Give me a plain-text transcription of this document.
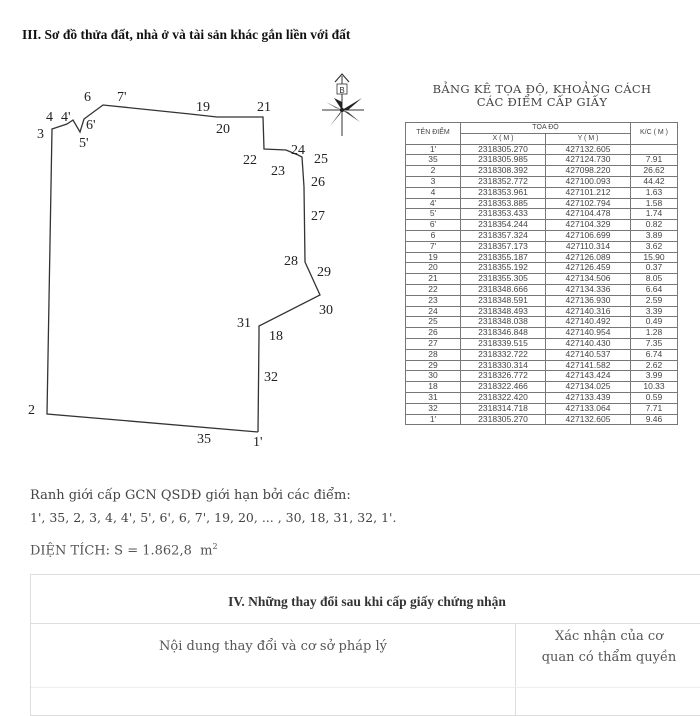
III. Sơ đồ thửa đất, nhà ở và tài sản khác gắn liền với đất
1'
35
2
3
4 4'
5'
6'
6 7'
19
20
21
22
23
24
25
26
27
28
29
30
31
18
32
B	BẢNG KÊ TỌA ĐỘ, KHOẢNG CÁCH
CÁC ĐIỂM CẤP GIẤY
TÊN ĐIỂM	TỌA ĐỘ		K/C ( M )
	X ( M )	Y ( M )	
1'	2318305.270	427132.605	
35	2318305.985	427124.730	7.91
2	2318308.392	427098.220	26.62
3	2318352.772	427100.093	44.42
4	2318353.961	427101.212	1.63
4'	2318353.885	427102.794	1.58
5'	2318353.433	427104.478	1.74
6'	2318354.244	427104.329	0.82
6	2318357.324	427106.699	3.89
7'	2318357.173	427110.314	3.62
19	2318355.187	427126.089	15.90
20	2318355.192	427126.459	0.37
21	2318355.305	427134.506	8.05
22	2318348.666	427134.336	6.64
23	2318348.591	427136.930	2.59
24	2318348.493	427140.316	3.39
25	2318348.038	427140.492	0.49
26	2318346.848	427140.954	1.28
27	2318339.515	427140.430	7.35
28	2318332.722	427140.537	6.74
29	2318330.314	427141.582	2.62
30	2318326.772	427143.424	3.99
18	2318322.466	427134.025	10.33
31	2318322.420	427133.439	0.59
32	2318314.718	427133.064	7.71
1'	2318305.270	427132.605	9.46
Ranh giới cấp GCN QSDĐ giới hạn bởi các điểm:
1', 35, 2, 3, 4, 4', 5', 6', 6, 7', 19, 20, ... , 30, 18, 31, 32, 1'.
DIỆN TÍCH: S = 1.862,8 $m^2$
IV. Những thay đổi sau khi cấp giấy chứng nhận
Nội dung thay đổi và cơ sở pháp lý
Xác nhận của cơ
quan có thẩm quyền
